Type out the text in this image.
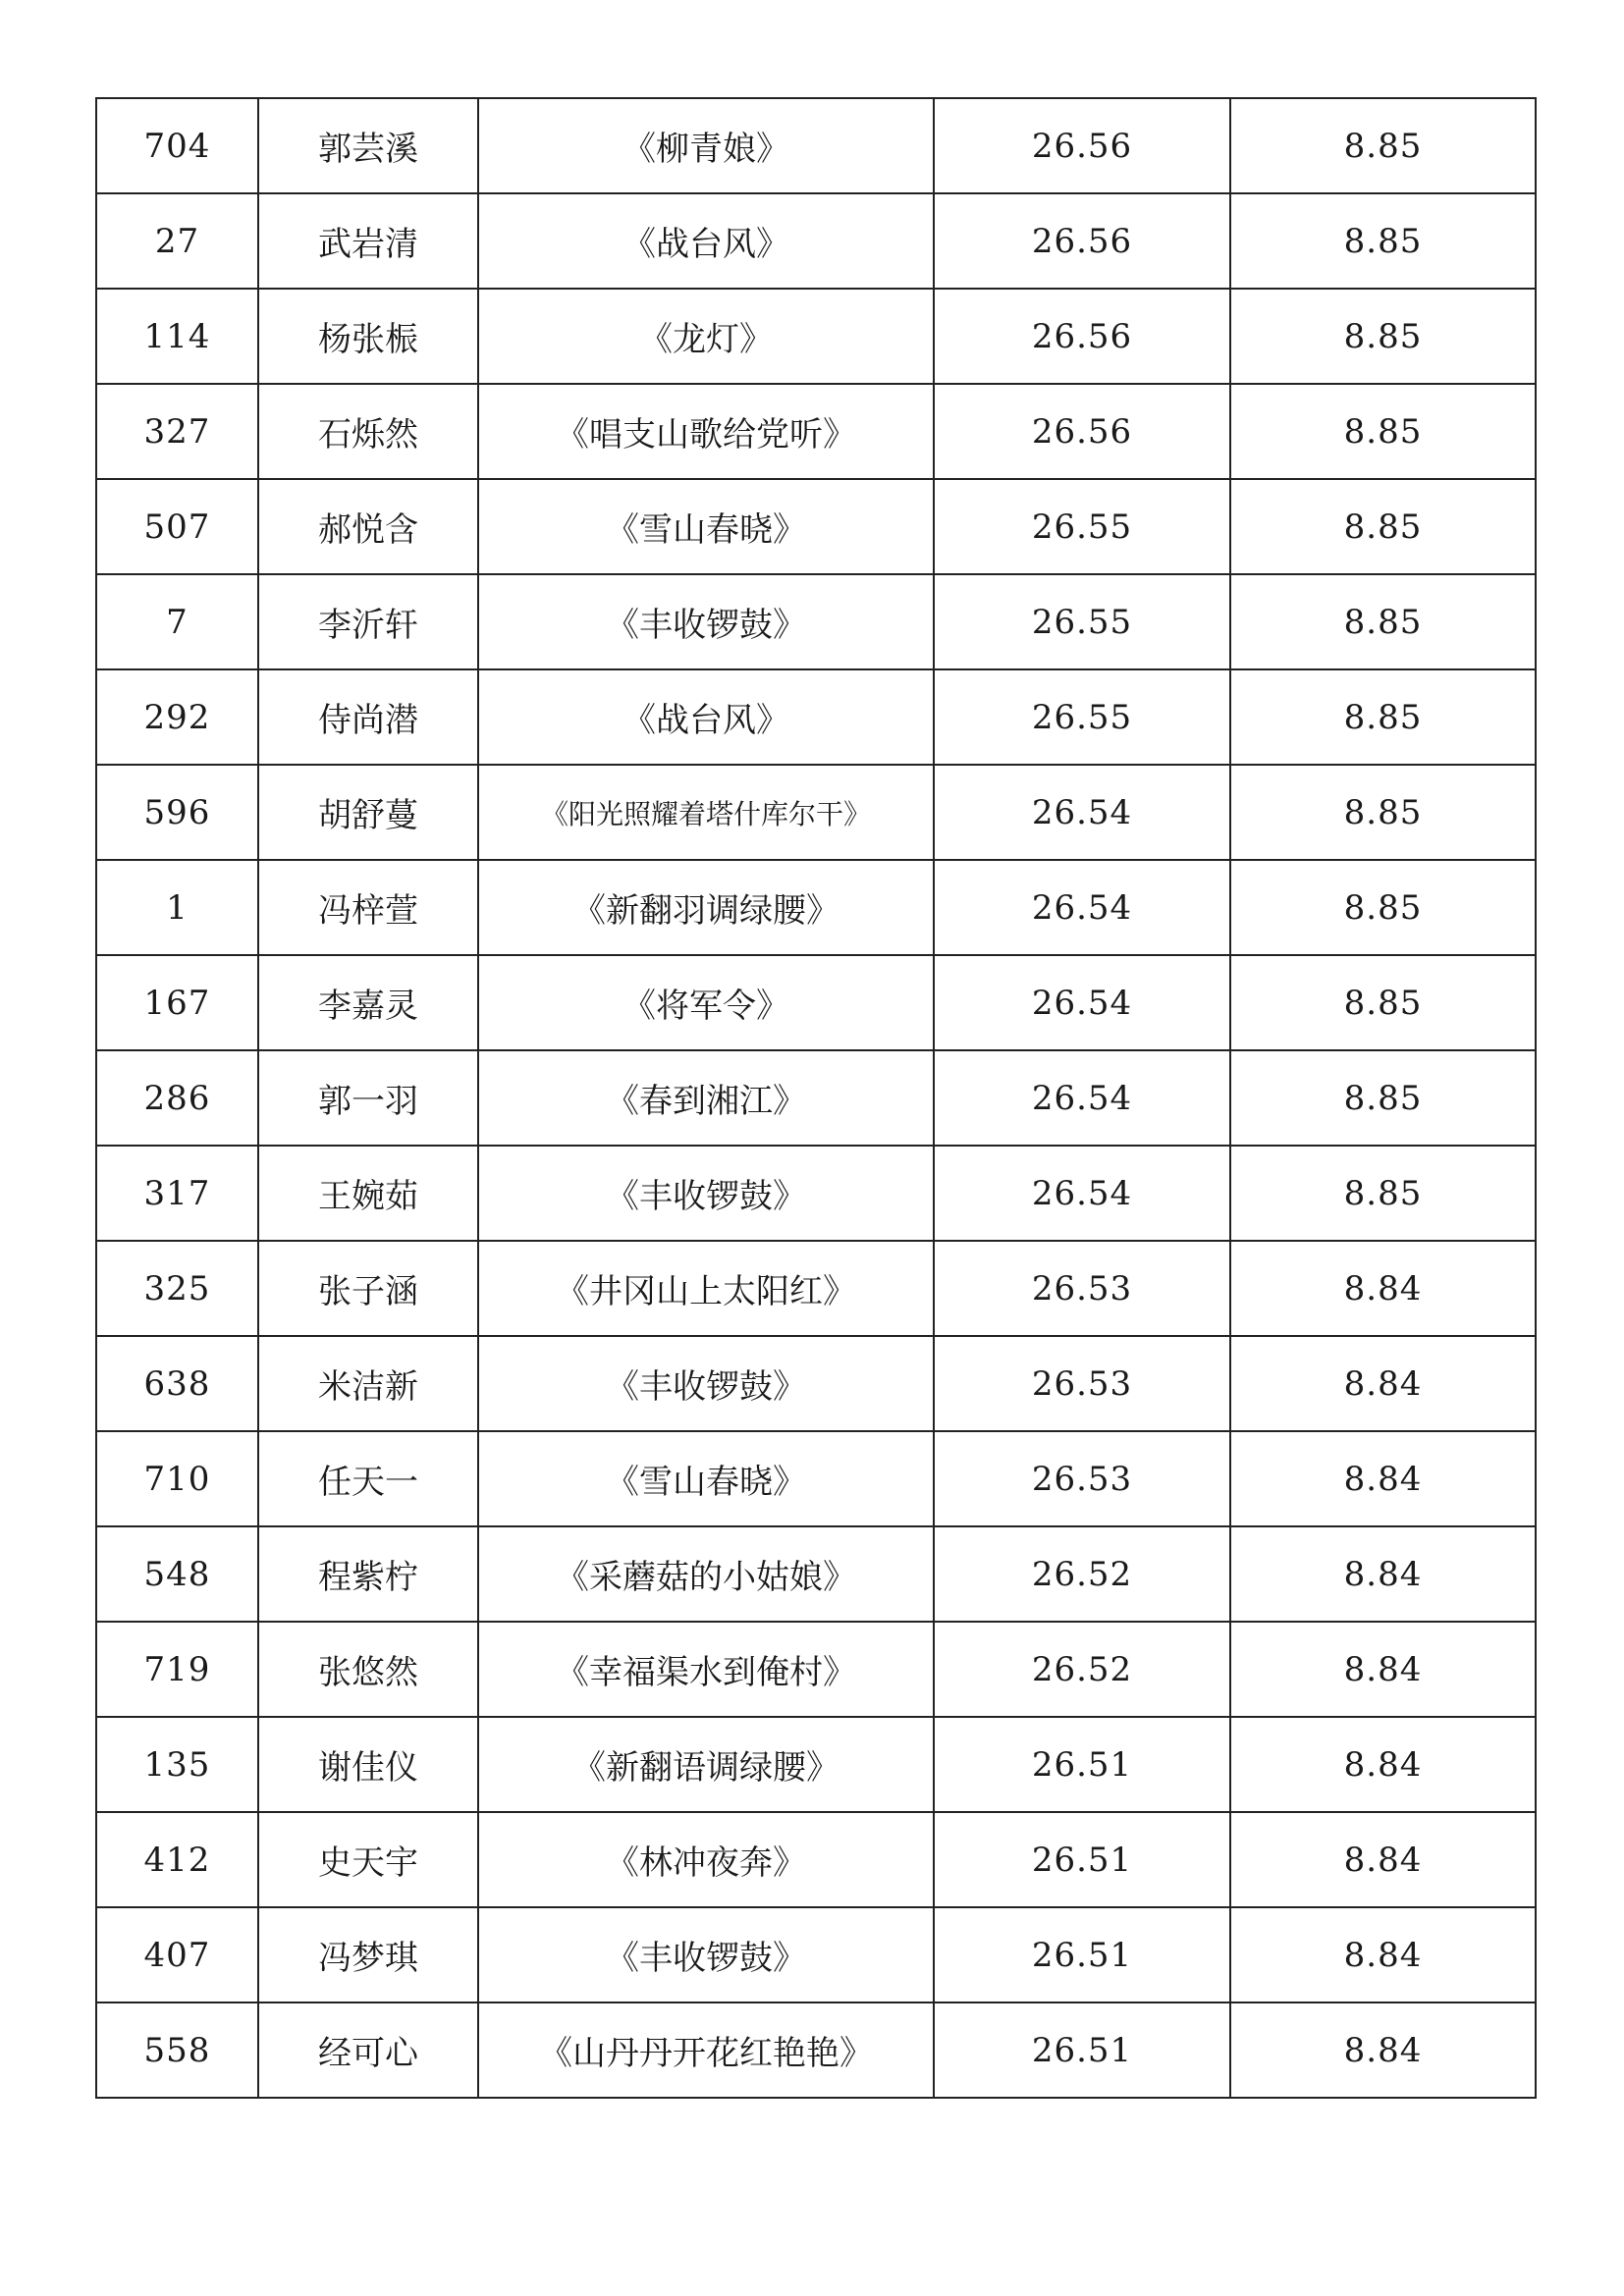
704	郭芸溪	《柳青娘》	26.56	8.85
27	武岩清	《战台风》	26.56	8.85
114	杨张桭	《龙灯》	26.56	8.85
327	石烁然	《唱支山歌给党听》	26.56	8.85
507	郝悦含	《雪山春晓》	26.55	8.85
7	李沂轩	《丰收锣鼓》	26.55	8.85
292	侍尚潜	《战台风》	26.55	8.85
596	胡舒蔓	《阳光照耀着塔什库尔干》	26.54	8.85
1	冯梓萱	《新翻羽调绿腰》	26.54	8.85
167	李嘉灵	《将军令》	26.54	8.85
286	郭一羽	《春到湘江》	26.54	8.85
317	王婉茹	《丰收锣鼓》	26.54	8.85
325	张子涵	《井冈山上太阳红》	26.53	8.84
638	米洁新	《丰收锣鼓》	26.53	8.84
710	任天一	《雪山春晓》	26.53	8.84
548	程紫柠	《采蘑菇的小姑娘》	26.52	8.84
719	张悠然	《幸福渠水到俺村》	26.52	8.84
135	谢佳仪	《新翻语调绿腰》	26.51	8.84
412	史天宇	《林冲夜奔》	26.51	8.84
407	冯梦琪	《丰收锣鼓》	26.51	8.84
558	经可心	《山丹丹开花红艳艳》	26.51	8.84
